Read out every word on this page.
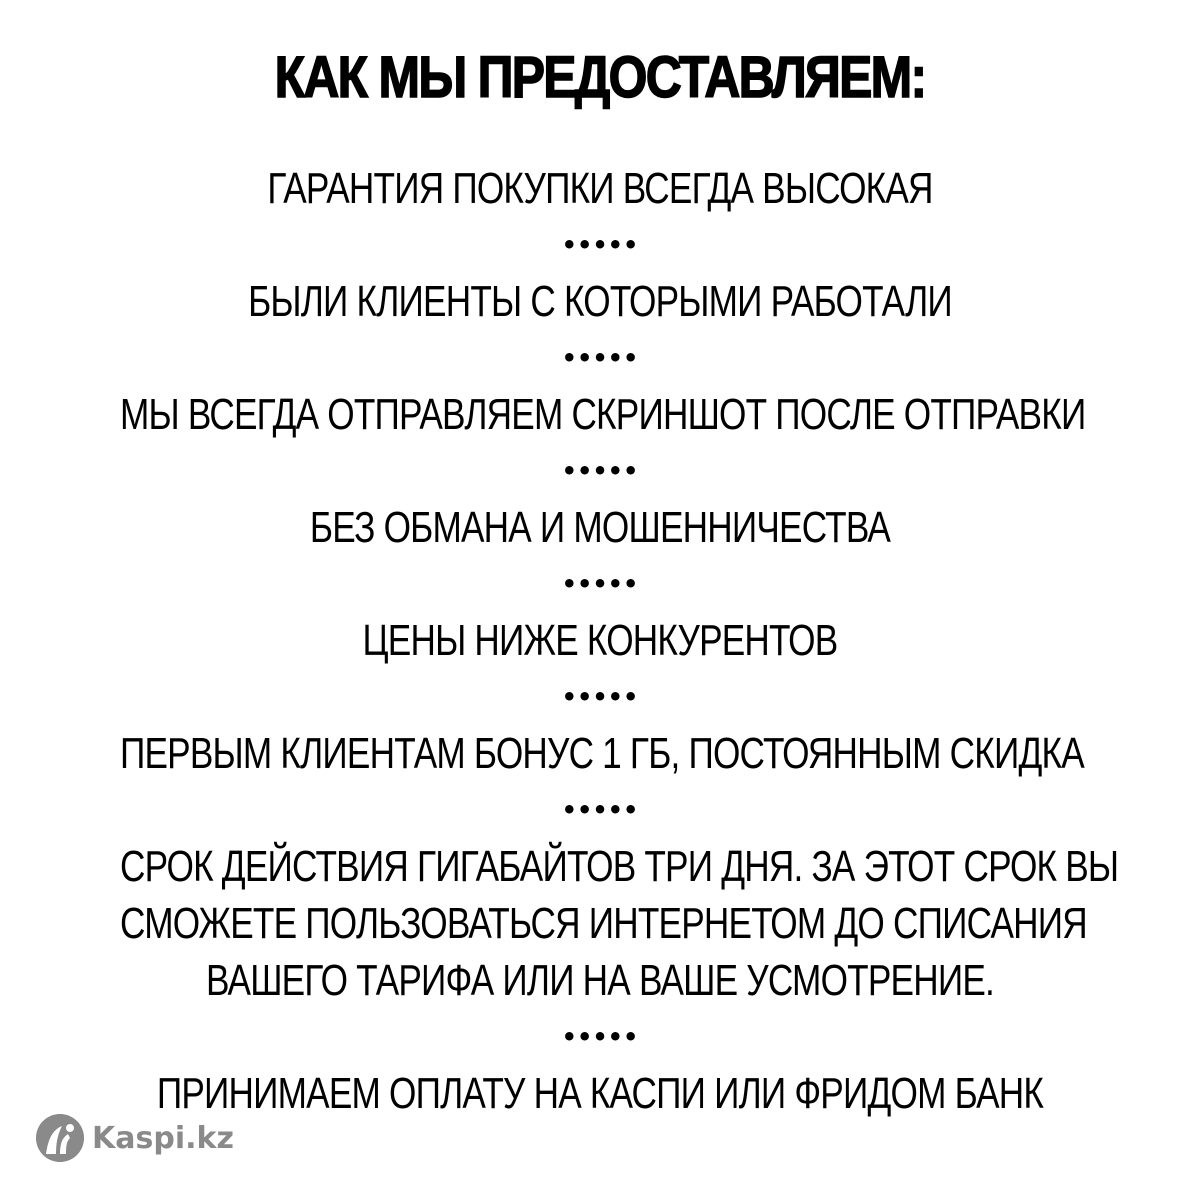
КАК МЫ ПРЕДОСТАВЛЯЕМ:
ГАРАНТИЯ ПОКУПКИ ВСЕГДА ВЫСОКАЯ
•••••
БЫЛИ КЛИЕНТЫ С КОТОРЫМИ РАБОТАЛИ
•••••
МЫ ВСЕГДА ОТПРАВЛЯЕМ СКРИНШОТ ПОСЛЕ ОТПРАВКИ
•••••
БЕЗ ОБМАНА И МОШЕННИЧЕСТВА
•••••
ЦЕНЫ НИЖЕ КОНКУРЕНТОВ
•••••
ПЕРВЫМ КЛИЕНТАМ БОНУС 1 ГБ, ПОСТОЯННЫМ СКИДКА
•••••
СРОК ДЕЙСТВИЯ ГИГАБАЙТОВ ТРИ ДНЯ. ЗА ЭТОТ СРОК ВЫ
СМОЖЕТЕ ПОЛЬЗОВАТЬСЯ ИНТЕРНЕТОМ ДО СПИСАНИЯ
ВАШЕГО ТАРИФА ИЛИ НА ВАШЕ УСМОТРЕНИЕ.
•••••
ПРИНИМАЕМ ОПЛАТУ НА КАСПИ ИЛИ ФРИДОМ БАНК
Kaspi.kz
